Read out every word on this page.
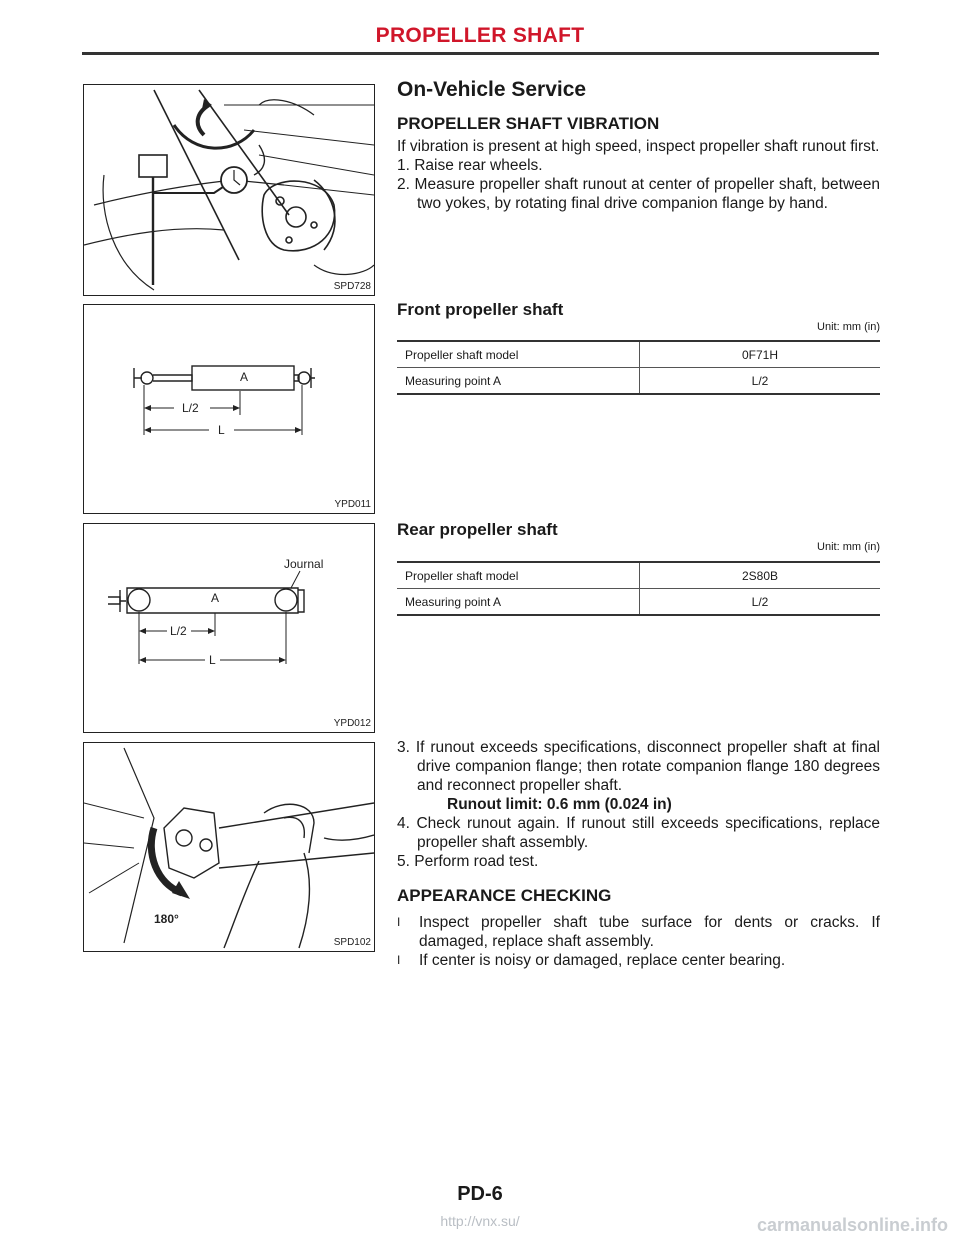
PROPELLER SHAFT
SPD728
A
L/2
L
YPD011
A
L/2
L
Journal
YPD012
180°
SPD102
On-Vehicle Service
PROPELLER SHAFT VIBRATION
If vibration is present at high speed, inspect propeller shaft runout first.
1. Raise rear wheels.
2. Measure propeller shaft runout at center of propeller shaft, between two yokes, by rotating final drive companion flange by hand.
Front propeller shaft
Unit: mm (in)
Propeller shaft model	0F71H
Measuring point A	L/2
Rear propeller shaft
Unit: mm (in)
Propeller shaft model	2S80B
Measuring point A	L/2
3. If runout exceeds specifications, disconnect propeller shaft at final drive companion flange; then rotate companion flange 180 degrees and reconnect propeller shaft.
Runout limit: 0.6 mm (0.024 in)
4. Check runout again. If runout still exceeds specifications, replace propeller shaft assembly.
5. Perform road test.
APPEARANCE CHECKING
I Inspect propeller shaft tube surface for dents or cracks. If damaged, replace shaft assembly.
I If center is noisy or damaged, replace center bearing.
PD-6
http://vnx.su/	carmanualsonline.info
